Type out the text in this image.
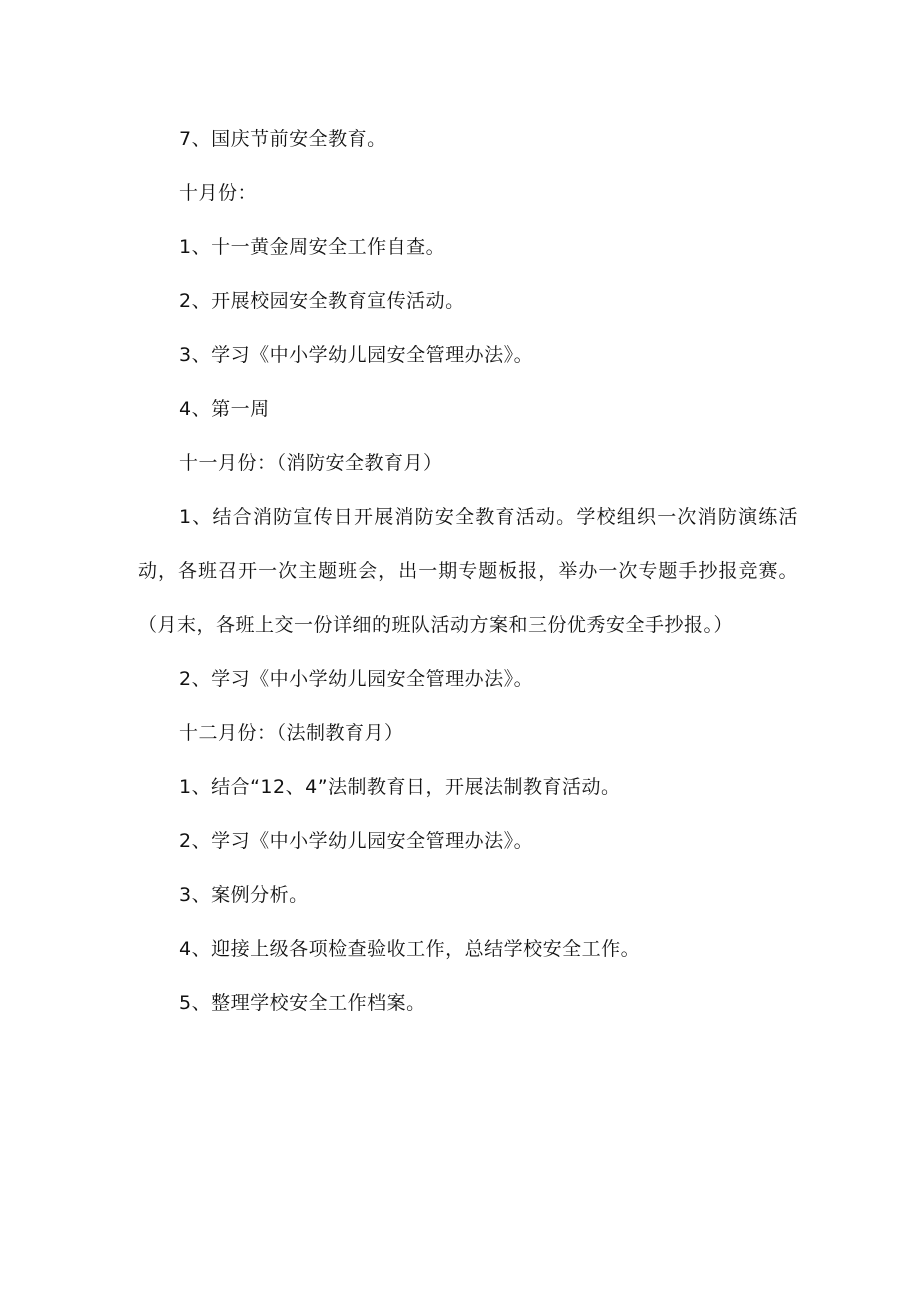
7、国庆节前安全教育。

十月份：

1、十一黄金周安全工作自查。

2、开展校园安全教育宣传活动。

3、学习《中小学幼儿园安全管理办法》。

4、第一周

十一月份：（消防安全教育月）

1、结合消防宣传日开展消防安全教育活动。学校组织一次消防演练活动，各班召开一次主题班会，出一期专题板报，举办一次专题手抄报竞赛。（月末，各班上交一份详细的班队活动方案和三份优秀安全手抄报。）

2、学习《中小学幼儿园安全管理办法》。

十二月份：（法制教育月）

1、结合“12、4”法制教育日，开展法制教育活动。

2、学习《中小学幼儿园安全管理办法》。

3、案例分析。

4、迎接上级各项检查验收工作，总结学校安全工作。

5、整理学校安全工作档案。
